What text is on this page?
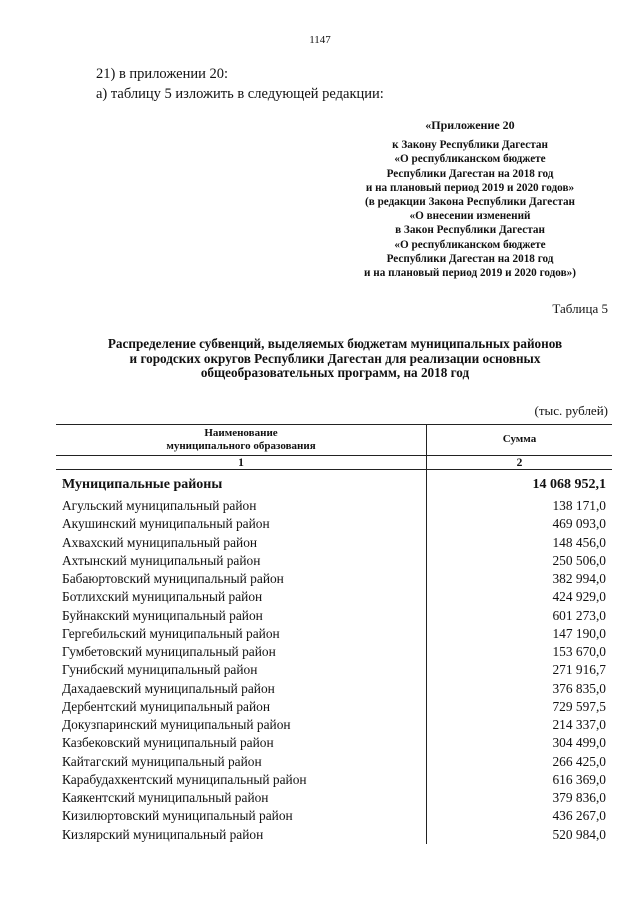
1147
21) в приложении 20:
а) таблицу 5 изложить в следующей редакции:
«Приложение 20
к Закону Республики Дагестан
«О республиканском бюджете
Республики Дагестан на 2018 год
и на плановый период 2019 и 2020 годов»
(в редакции Закона Республики Дагестан
«О внесении изменений
в Закон Республики Дагестан
«О республиканском бюджете
Республики Дагестан на 2018 год
и на плановый период 2019 и 2020 годов»)
Таблица 5
Распределение субвенций, выделяемых бюджетам муниципальных районов
и городских округов Республики Дагестан для реализации основных
общеобразовательных программ, на 2018 год
(тыс. рублей)
Наименование
муниципального образования	Сумма
1	2
Муниципальные районы	14 068 952,1
Агульский муниципальный район	138 171,0
Акушинский муниципальный район	469 093,0
Ахвахский муниципальный район	148 456,0
Ахтынский муниципальный район	250 506,0
Бабаюртовский муниципальный район	382 994,0
Ботлихский муниципальный район	424 929,0
Буйнакский муниципальный район	601 273,0
Гергебильский муниципальный район	147 190,0
Гумбетовский муниципальный район	153 670,0
Гунибский муниципальный район	271 916,7
Дахадаевский муниципальный район	376 835,0
Дербентский муниципальный район	729 597,5
Докузпаринский муниципальный район	214 337,0
Казбековский муниципальный район	304 499,0
Кайтагский муниципальный район	266 425,0
Карабудахкентский муниципальный район	616 369,0
Каякентский муниципальный район	379 836,0
Кизилюртовский муниципальный район	436 267,0
Кизлярский муниципальный район	520 984,0
